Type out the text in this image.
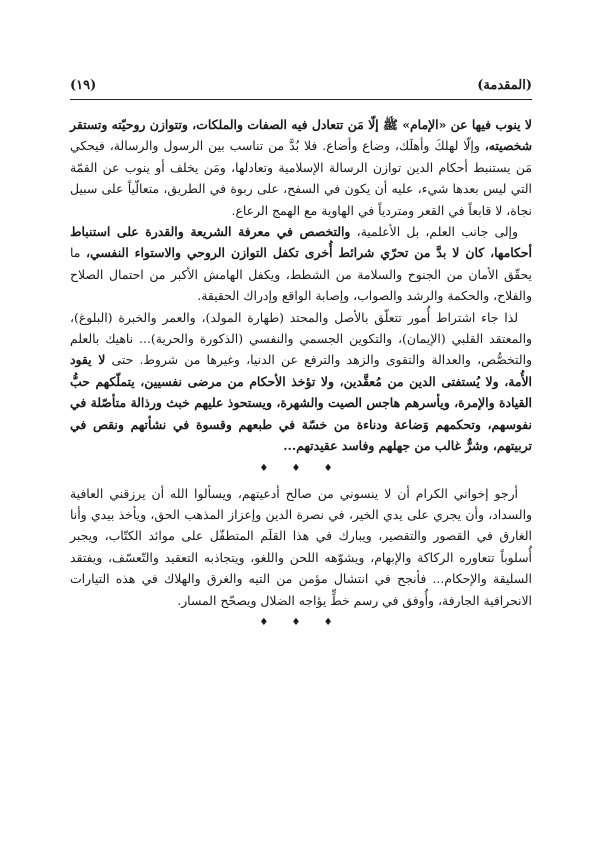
(١٩)	(المقدمة)

لا ينوب فيها عن «الإمام» ﷺ إلّا مَن تتعادل فيه الصفات والملكات، وتتوازن روحيّته وتستقر شخصيته، وإلّا لهلكَ وأهلَك، وضاع وأضاع. فلا بُدَّ من تناسب بين الرسول والرسالة، فيحكي مَن يستنبط أحكام الدين توازن الرسالة الإسلامية وتعادلها، ومَن يخلف أو ينوب عن القمّة التي ليس بعدها شيء، عليه أن يكون في السفح، على ربوة في الطريق، متعالّياً على سبيل نجاة، لا قابعاً في القعر ومتردياً في الهاوية مع الهمج الرعاع.

وإلى جانب العلم، بل الأعلمية، والتخصص في معرفة الشريعة والقدرة على استنباط أحكامها، كان لا بدَّ من تحرّي شرائط أُخرى تكفل التوازن الروحي والاستواء النفسي، ما يحقّق الأمان من الجنوح والسلامة من الشطط، ويكفل الهامش الأكبر من احتمال الصلاح والفلاح، والحكمة والرشد والصواب، وإصابة الواقع وإدراك الحقيقة.

لذا جاء اشتراط أُمور تتعلّق بالأصل والمحتد (طهارة المولد)، والعمر والخبرة (البلوغ)، والمعتقد القلبي (الإيمان)، والتكوين الجسمي والنفسي (الذكورة والحرية)... ناهيك بالعلم والتخصُّص، والعدالة والتقوى والزهد والترفع عن الدنيا، وغيرها من شروط. حتى لا يقود الأُمة، ولا يُستفتى الدين من مُعقَّدين، ولا تؤخذ الأحكام من مرضى نفسيين، يتملّكهم حبُّ القيادة والإمرة، ويأسرهم هاجس الصيت والشهرة، ويستحوذ عليهم خبث ورذالة متأصّلة في نفوسهم، وتحكمهم وَضاعة ودناءة من خسّة في طبعهم وقسوة في نشأتهم ونقص في تربيتهم، وشرٌّ غالب من جهلهم وفاسد عقيدتهم...

♦ ♦ ♦

أرجو إخواني الكرام أن لا ينسوني من صالح أدعيتهم، ويسألوا الله أن يرزقني العافية والسداد، وأن يجري على يدي الخير، في نصرة الدين وإعزاز المذهب الحق، ويأخذ بيدي وأنا الغارق في القصور والتقصير، ويبارك في هذا القلَم المتطفّل على موائد الكتّاب، ويجبر أُسلوباً تتعاوره الركاكة والإبهام، ويشوّهه اللحن واللغو، ويتجاذبه التعقيد والتّعسّف، ويفتقد السليقة والإحكام... فأنجح في انتشال مؤمن من التيه والغرق والهلاك في هذه التيارات الانحرافية الجارفة، وأُوفق في رسم خطٍّ يؤاجه الضلال ويصحّح المسار.

♦ ♦ ♦
